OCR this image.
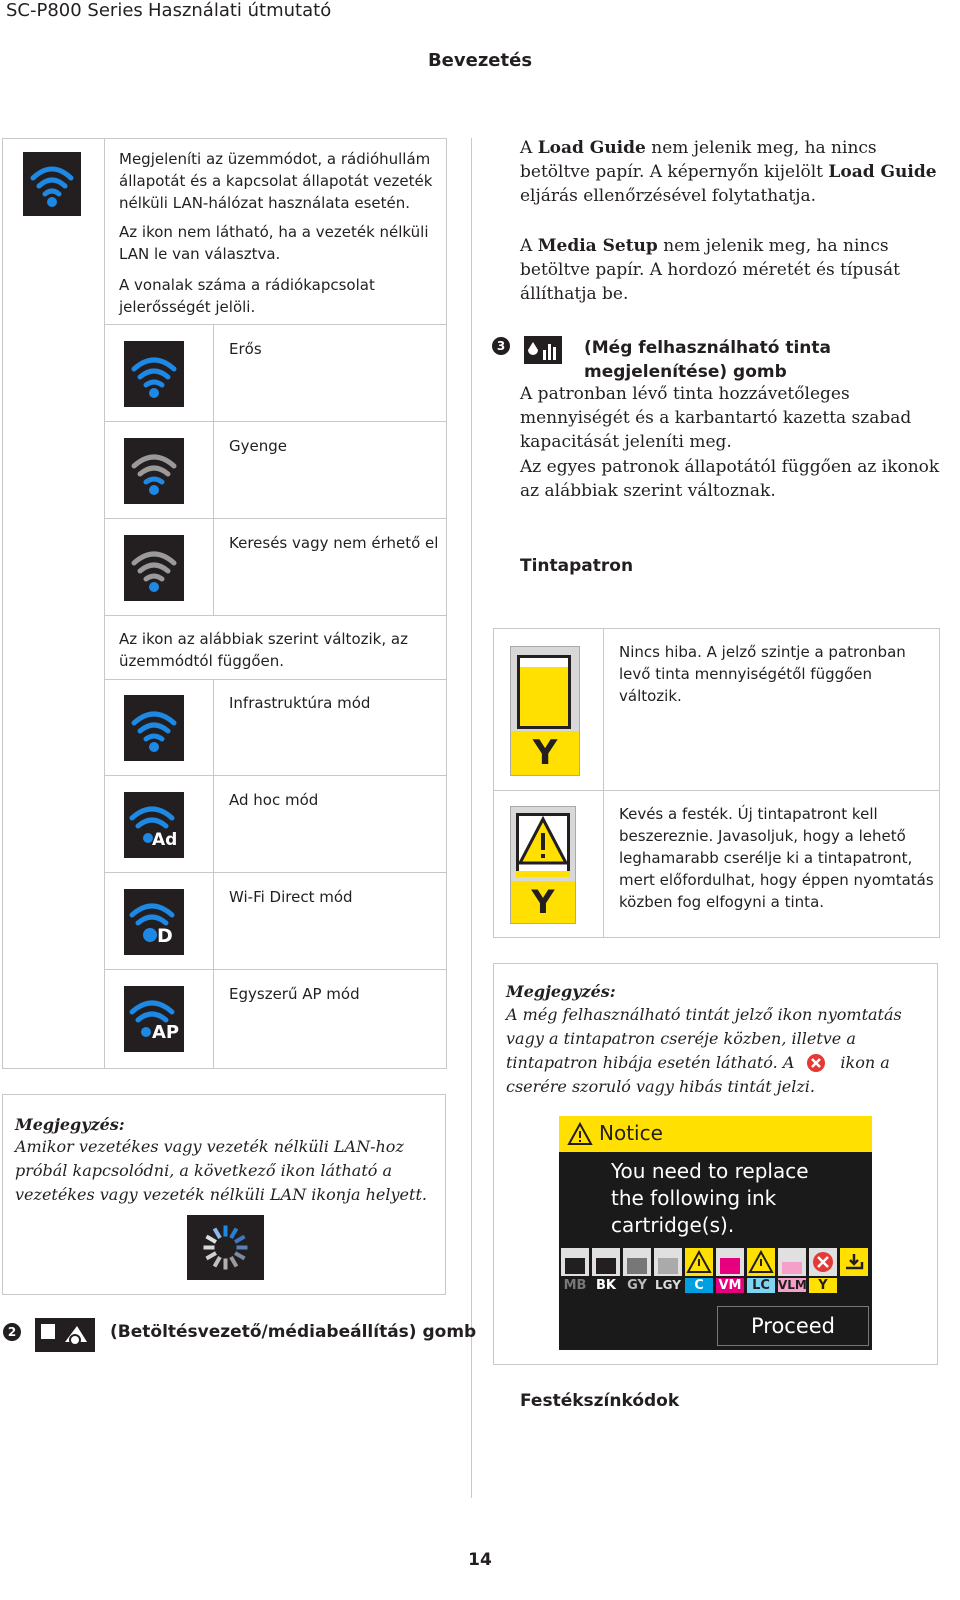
SC-P800 Series Használati útmutató
Bevezetés
Megjeleníti az üzemmódot, a rádióhullám állapotát és a kapcsolat állapotát vezeték nélküli LAN-hálózat használata esetén.
Az ikon nem látható, ha a vezeték nélküli LAN le van választva.
A vonalak száma a rádiókapcsolat jelerősségét jelöli.
Erős
Gyenge
Keresés vagy nem érhető el
Az ikon az alábbiak szerint változik, az üzemmódtól függően.
Infrastruktúra mód
Ad
Ad hoc mód
D
Wi-Fi Direct mód
AP
Egyszerű AP mód
Megjegyzés:
Amikor vezetékes vagy vezeték nélküli LAN-hoz próbál kapcsolódni, a következő ikon látható a vezetékes vagy vezeték nélküli LAN ikonja helyett.
2	(Betöltésvezető/médiabeállítás) gomb
A Load Guide nem jelenik meg, ha nincs betöltve papír. A képernyőn kijelölt Load Guide eljárás ellenőrzésével folytathatja.
A Media Setup nem jelenik meg, ha nincs betöltve papír. A hordozó méretét és típusát állíthatja be.
3	(Még felhasználható tinta megjelenítése) gomb
A patronban lévő tinta hozzávetőleges mennyiségét és a karbantartó kazetta szabad kapacitását jeleníti meg.
Az egyes patronok állapotától függően az ikonok az alábbiak szerint változnak.
Tintapatron
Y
Nincs hiba. A jelző szintje a patronban levő tinta mennyiségétől függően változik.
Y
Kevés a festék. Új tintapatront kell beszereznie. Javasoljuk, hogy a lehető leghamarabb cserélje ki a tintapatront, mert előfordulhat, hogy éppen nyomtatás közben fog elfogyni a tinta.
Megjegyzés:
A még felhasználható tintát jelző ikon nyomtatás vagy a tintapatron cseréje közben, illetve a tintapatron hibája esetén látható. A	ikon a cserére szoruló vagy hibás tintát jelzi.
Notice
You need to replace
the following ink
cartridge(s).
MB BK GY LGY	C	VM LC VLM Y
Proceed
Festékszínkódok
14
